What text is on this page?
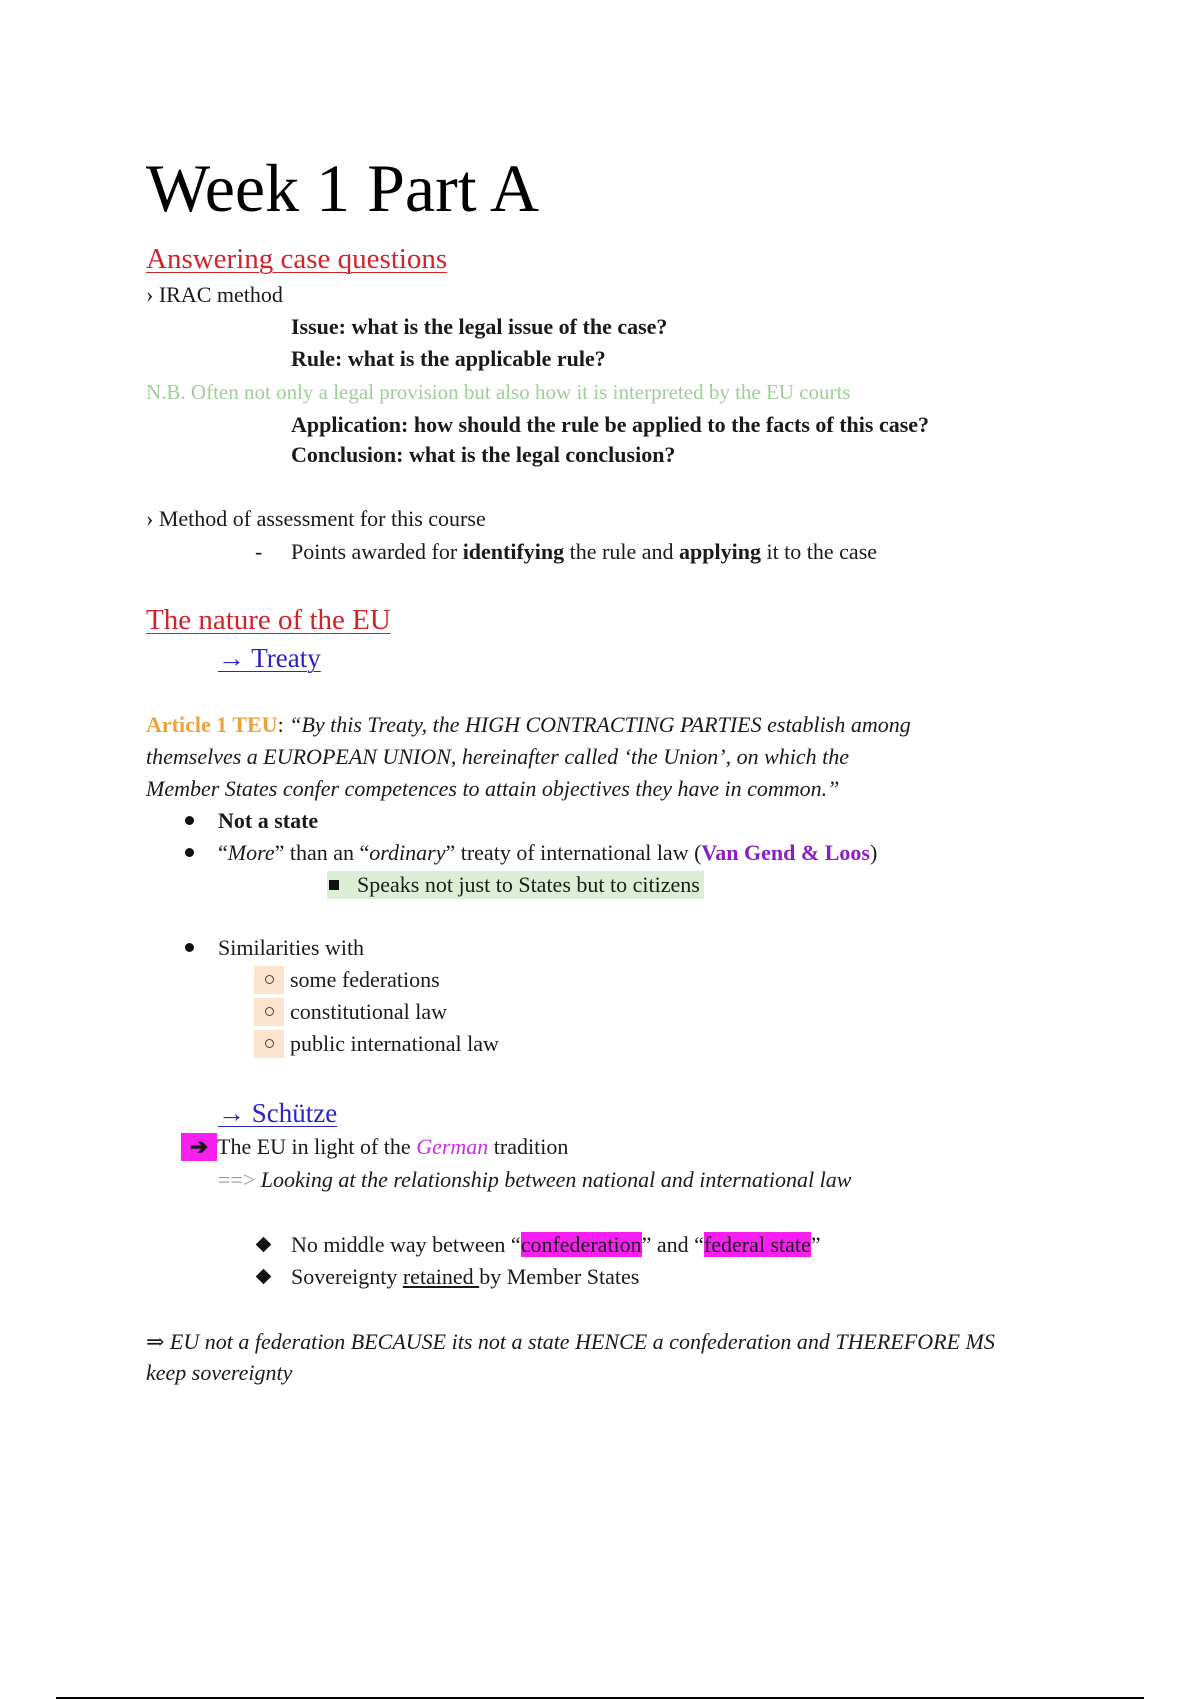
Week 1 Part A
Answering case questions
› IRAC method
Issue: what is the legal issue of the case?
Rule: what is the applicable rule?
N.B. Often not only a legal provision but also how it is interpreted by the EU courts
Application: how should the rule be applied to the facts of this case?
Conclusion: what is the legal conclusion?
› Method of assessment for this course
- Points awarded for identifying the rule and applying it to the case
The nature of the EU
→ Treaty
Article 1 TEU: “By this Treaty, the HIGH CONTRACTING PARTIES establish among
themselves a EUROPEAN UNION, hereinafter called ‘the Union’, on which the
Member States confer competences to attain objectives they have in common.”
Not a state
“More” than an “ordinary” treaty of international law (Van Gend & Loos)
Speaks not just to States but to citizens
Similarities with
some federations
constitutional law
public international law
→ Schütze
➔ The EU in light of the German tradition
==> Looking at the relationship between national and international law
No middle way between “confederation” and “federal state”
Sovereignty retained by Member States
⇒ EU not a federation BECAUSE its not a state HENCE a confederation and THEREFORE MS
keep sovereignty
